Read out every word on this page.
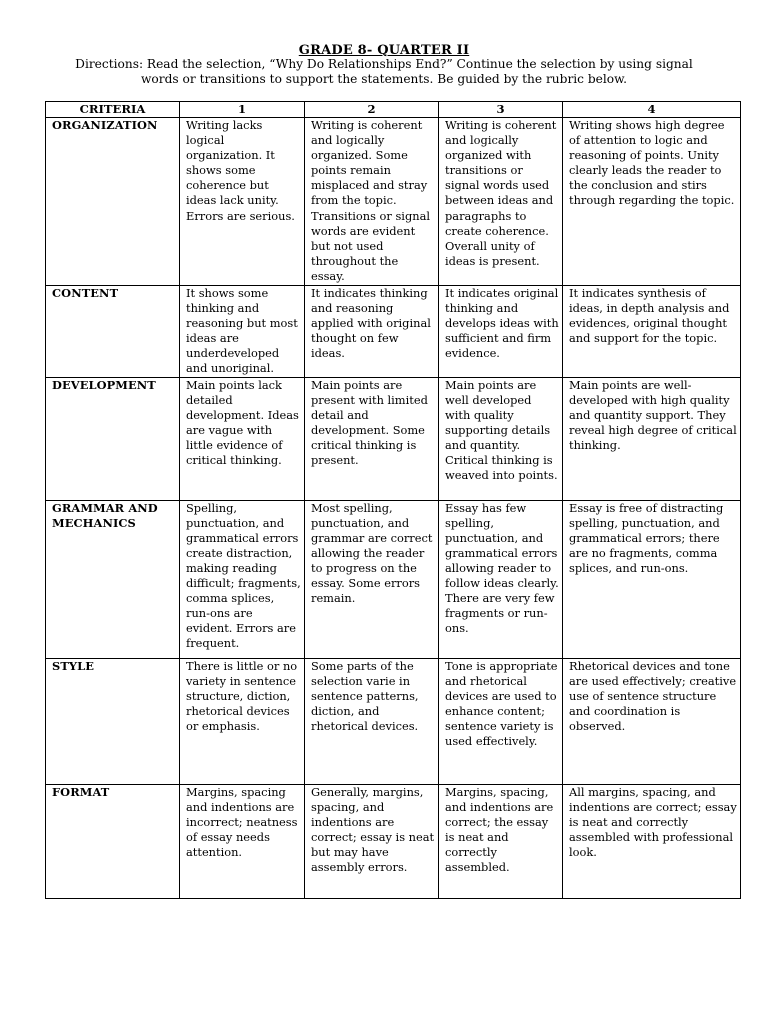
GRADE 8- QUARTER II
Directions: Read the selection, “Why Do Relationships End?” Continue the selection by using signal words or transitions to support the statements. Be guided by the rubric below.
CRITERIA	1	2	3	4
ORGANIZATION	Writing lacks logical organization. It shows some coherence but ideas lack unity. Errors are serious.	Writing is coherent and logically organized. Some points remain misplaced and stray from the topic. Transitions or signal words are evident but not used throughout the essay.	Writing is coherent and logically organized with transitions or signal words used between ideas and paragraphs to create coherence. Overall unity of ideas is present.	Writing shows high degree of attention to logic and reasoning of points. Unity clearly leads the reader to the conclusion and stirs through regarding the topic.
CONTENT	It shows some thinking and reasoning but most ideas are underdeveloped and unoriginal.	It indicates thinking and reasoning applied with original thought on few ideas.	It indicates original thinking and develops ideas with sufficient and firm evidence.	It indicates synthesis of ideas, in depth analysis and evidences, original thought and support for the topic.
DEVELOPMENT	Main points lack detailed development. Ideas are vague with little evidence of critical thinking.	Main points are present with limited detail and development. Some critical thinking is present.	Main points are well developed with quality supporting details and quantity. Critical thinking is weaved into points.	Main points are well-developed with high quality and quantity support. They reveal high degree of critical thinking.
GRAMMAR AND MECHANICS	Spelling, punctuation, and grammatical errors create distraction, making reading difficult; fragments, comma splices, run-ons are evident. Errors are frequent.	Most spelling, punctuation, and grammar are correct allowing the reader to progress on the essay. Some errors remain.	Essay has few spelling, punctuation, and grammatical errors allowing reader to follow ideas clearly. There are very few fragments or run-ons.	Essay is free of distracting spelling, punctuation, and grammatical errors; there are no fragments, comma splices, and run-ons.
STYLE	There is little or no variety in sentence structure, diction, rhetorical devices or emphasis.	Some parts of the selection varie in sentence patterns, diction, and rhetorical devices.	Tone is appropriate and rhetorical devices are used to enhance content; sentence variety is used effectively.	Rhetorical devices and tone are used effectively; creative use of sentence structure and coordination is observed.
FORMAT	Margins, spacing and indentions are incorrect; neatness of essay needs attention.	Generally, margins, spacing, and indentions are correct; essay is neat but may have assembly errors.	Margins, spacing, and indentions are correct; the essay is neat and correctly assembled.	All margins, spacing, and indentions are correct; essay is neat and correctly assembled with professional look.
